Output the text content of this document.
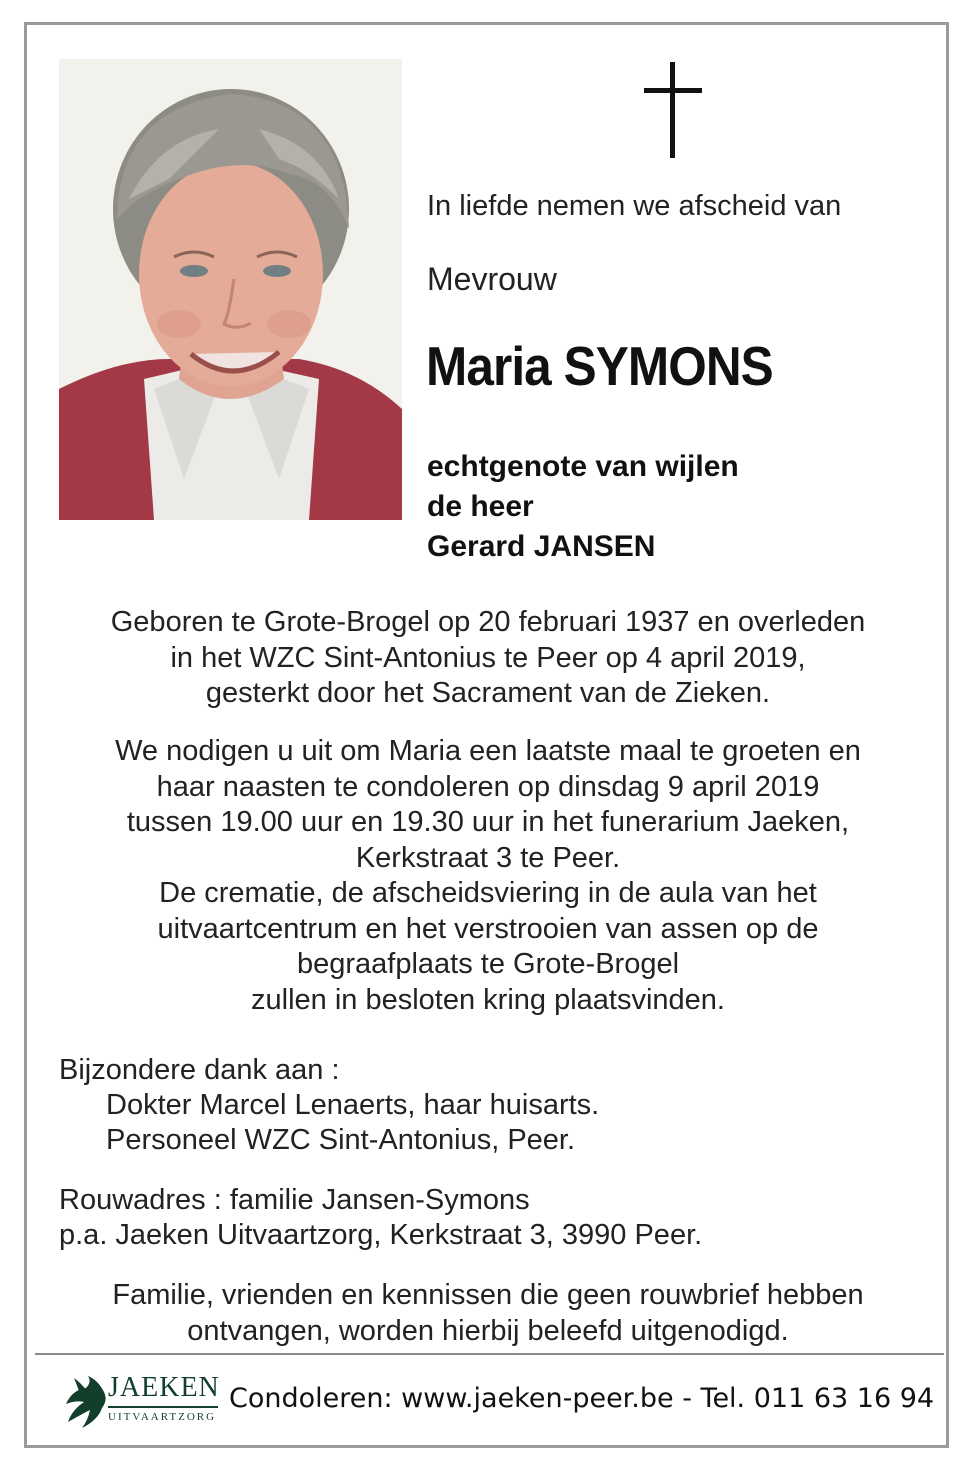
In liefde nemen we afscheid van
Mevrouw
Maria SYMONS
echtgenote van wijlen
de heer
Gerard JANSEN
Geboren te Grote-Brogel op 20 februari 1937 en overleden
in het WZC Sint-Antonius te Peer op 4 april 2019,
gesterkt door het Sacrament van de Zieken.
We nodigen u uit om Maria een laatste maal te groeten en
haar naasten te condoleren op dinsdag 9 april 2019
tussen 19.00 uur en 19.30 uur in het funerarium Jaeken,
Kerkstraat 3 te Peer.
De crematie, de afscheidsviering in de aula van het
uitvaartcentrum en het verstrooien van assen op de
begraafplaats te Grote-Brogel
zullen in besloten kring plaatsvinden.
Bijzondere dank aan :
Dokter Marcel Lenaerts, haar huisarts.
Personeel WZC Sint-Antonius, Peer.
Rouwadres : familie Jansen-Symons
p.a. Jaeken Uitvaartzorg, Kerkstraat 3, 3990 Peer.
Familie, vrienden en kennissen die geen rouwbrief hebben
ontvangen, worden hierbij beleefd uitgenodigd.
JAEKEN
UITVAARTZORG
Condoleren: www.jaeken-peer.be - Tel. 011 63 16 94
